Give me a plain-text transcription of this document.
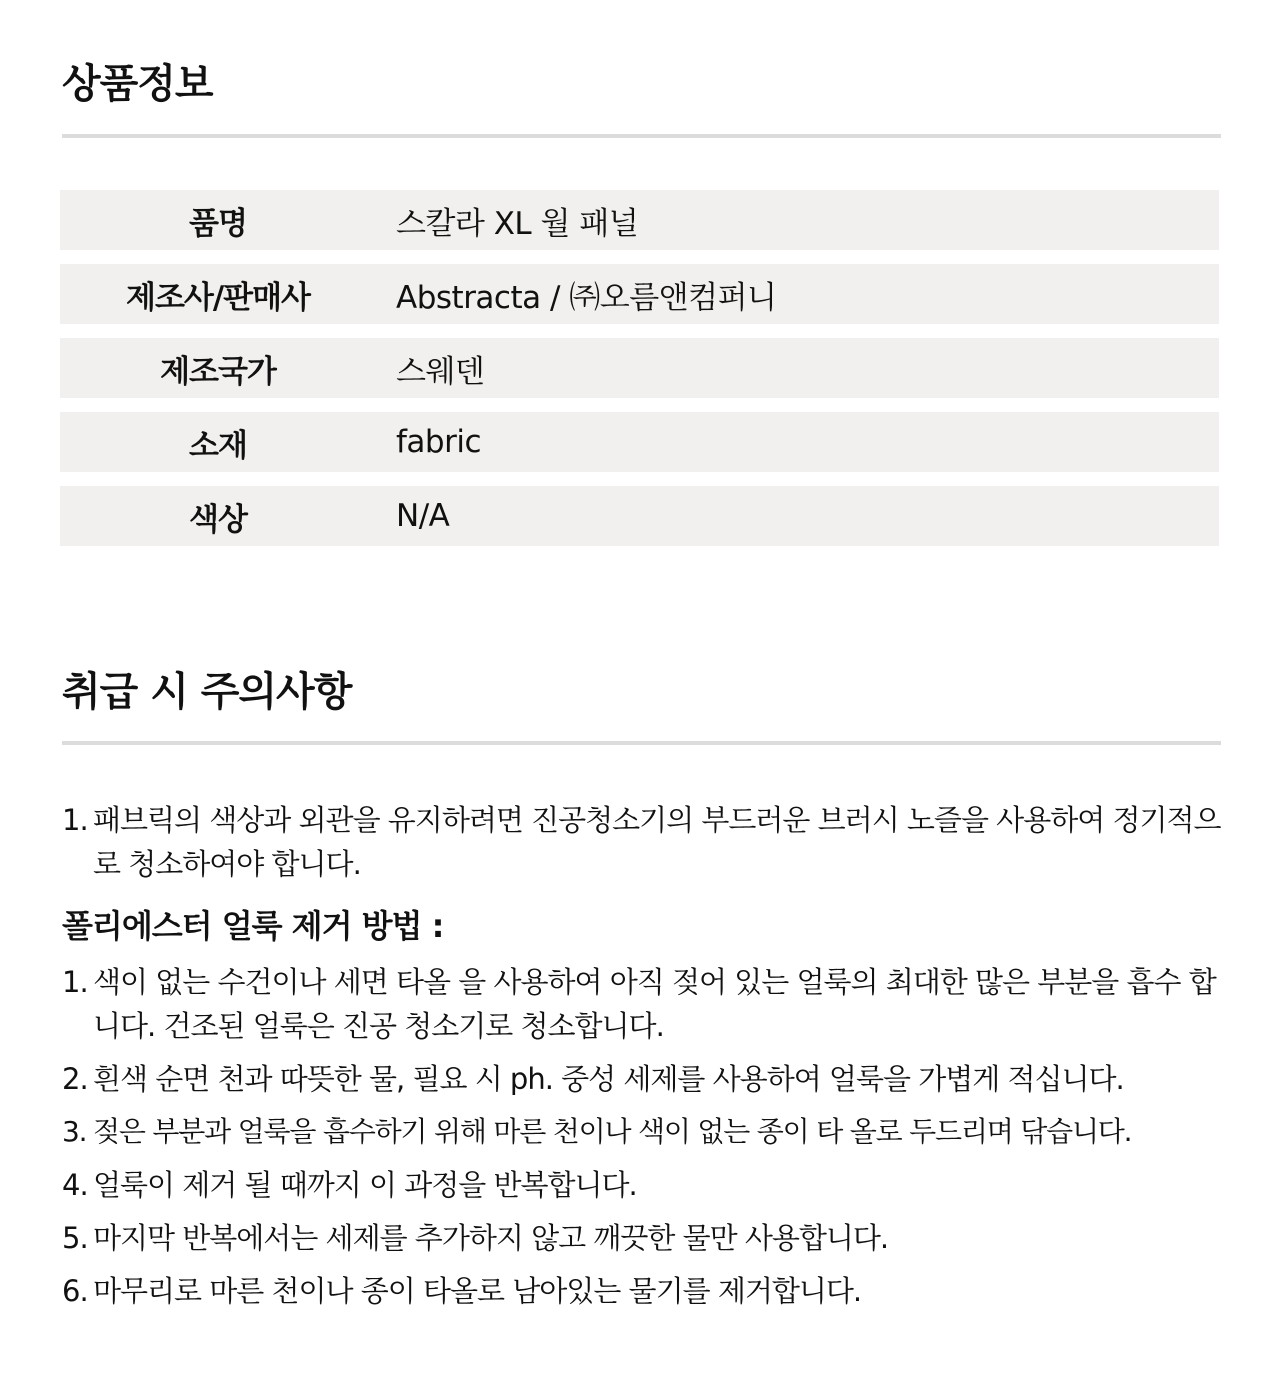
상품정보
품명	스칼라 XL 월 패널
제조사/판매사	Abstracta / ㈜오름앤컴퍼니
제조국가	스웨덴
소재	fabric
색상	N/A
취급 시 주의사항
1. 패브릭의 색상과 외관을 유지하려면 진공청소기의 부드러운 브러시 노즐을 사용하여 정기적으로 청소하여야 합니다.
폴리에스터 얼룩 제거 방법 :
1. 색이 없는 수건이나 세면 타올 을 사용하여 아직 젖어 있는 얼룩의 최대한 많은 부분을 흡수 합니다. 건조된 얼룩은 진공 청소기로 청소합니다.
2. 흰색 순면 천과 따뜻한 물, 필요 시 ph. 중성 세제를 사용하여 얼룩을 가볍게 적십니다.
3. 젖은 부분과 얼룩을 흡수하기 위해 마른 천이나 색이 없는 종이 타 올로 두드리며 닦습니다.
4. 얼룩이 제거 될 때까지 이 과정을 반복합니다.
5. 마지막 반복에서는 세제를 추가하지 않고 깨끗한 물만 사용합니다.
6. 마무리로 마른 천이나 종이 타올로 남아있는 물기를 제거합니다.
